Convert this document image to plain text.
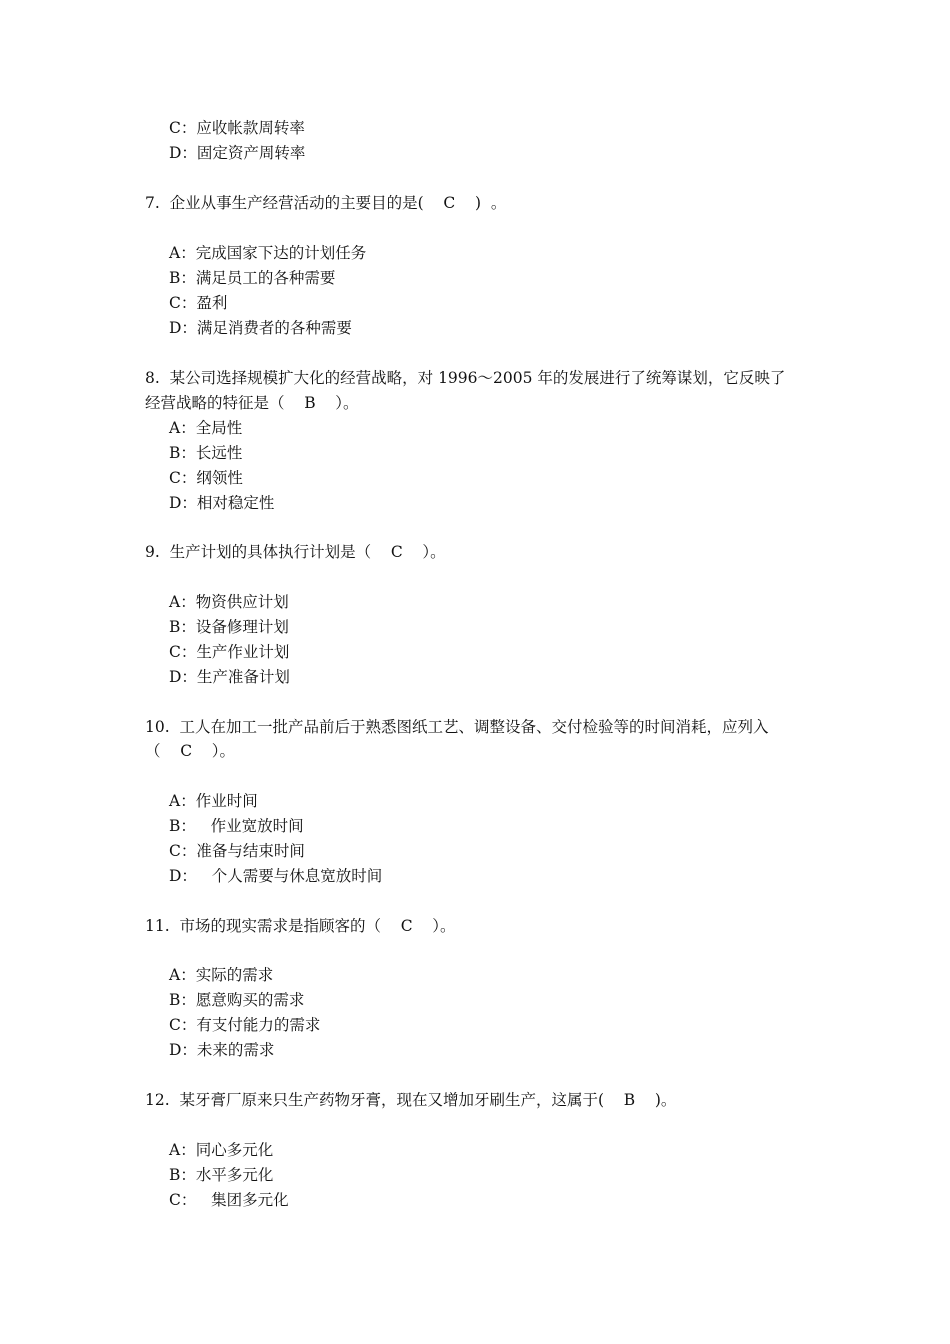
C：应收帐款周转率
D：固定资产周转率
7.  企业从事生产经营活动的主要目的是(    C    )  。
A：完成国家下达的计划任务
B：满足员工的各种需要
C：盈利
D：满足消费者的各种需要
8.  某公司选择规模扩大化的经营战略，对 1996～2005 年的发展进行了统筹谋划，它反映了
经营战略的特征是（    B    ）。
A：全局性
B：长远性
C：纲领性
D：相对稳定性
9.  生产计划的具体执行计划是（    C    ）。
A：物资供应计划
B：设备修理计划
C：生产作业计划
D：生产准备计划
10.  工人在加工一批产品前后于熟悉图纸工艺、调整设备、交付检验等的时间消耗，应列入
（    C    ）。
A：作业时间
B：   作业宽放时间
C：准备与结束时间
D：   个人需要与休息宽放时间
11.  市场的现实需求是指顾客的（    C    ）。
A：实际的需求
B：愿意购买的需求
C：有支付能力的需求
D：未来的需求
12.  某牙膏厂原来只生产药物牙膏，现在又增加牙刷生产，这属于(    B    )。
A：同心多元化
B：水平多元化
C：   集团多元化
